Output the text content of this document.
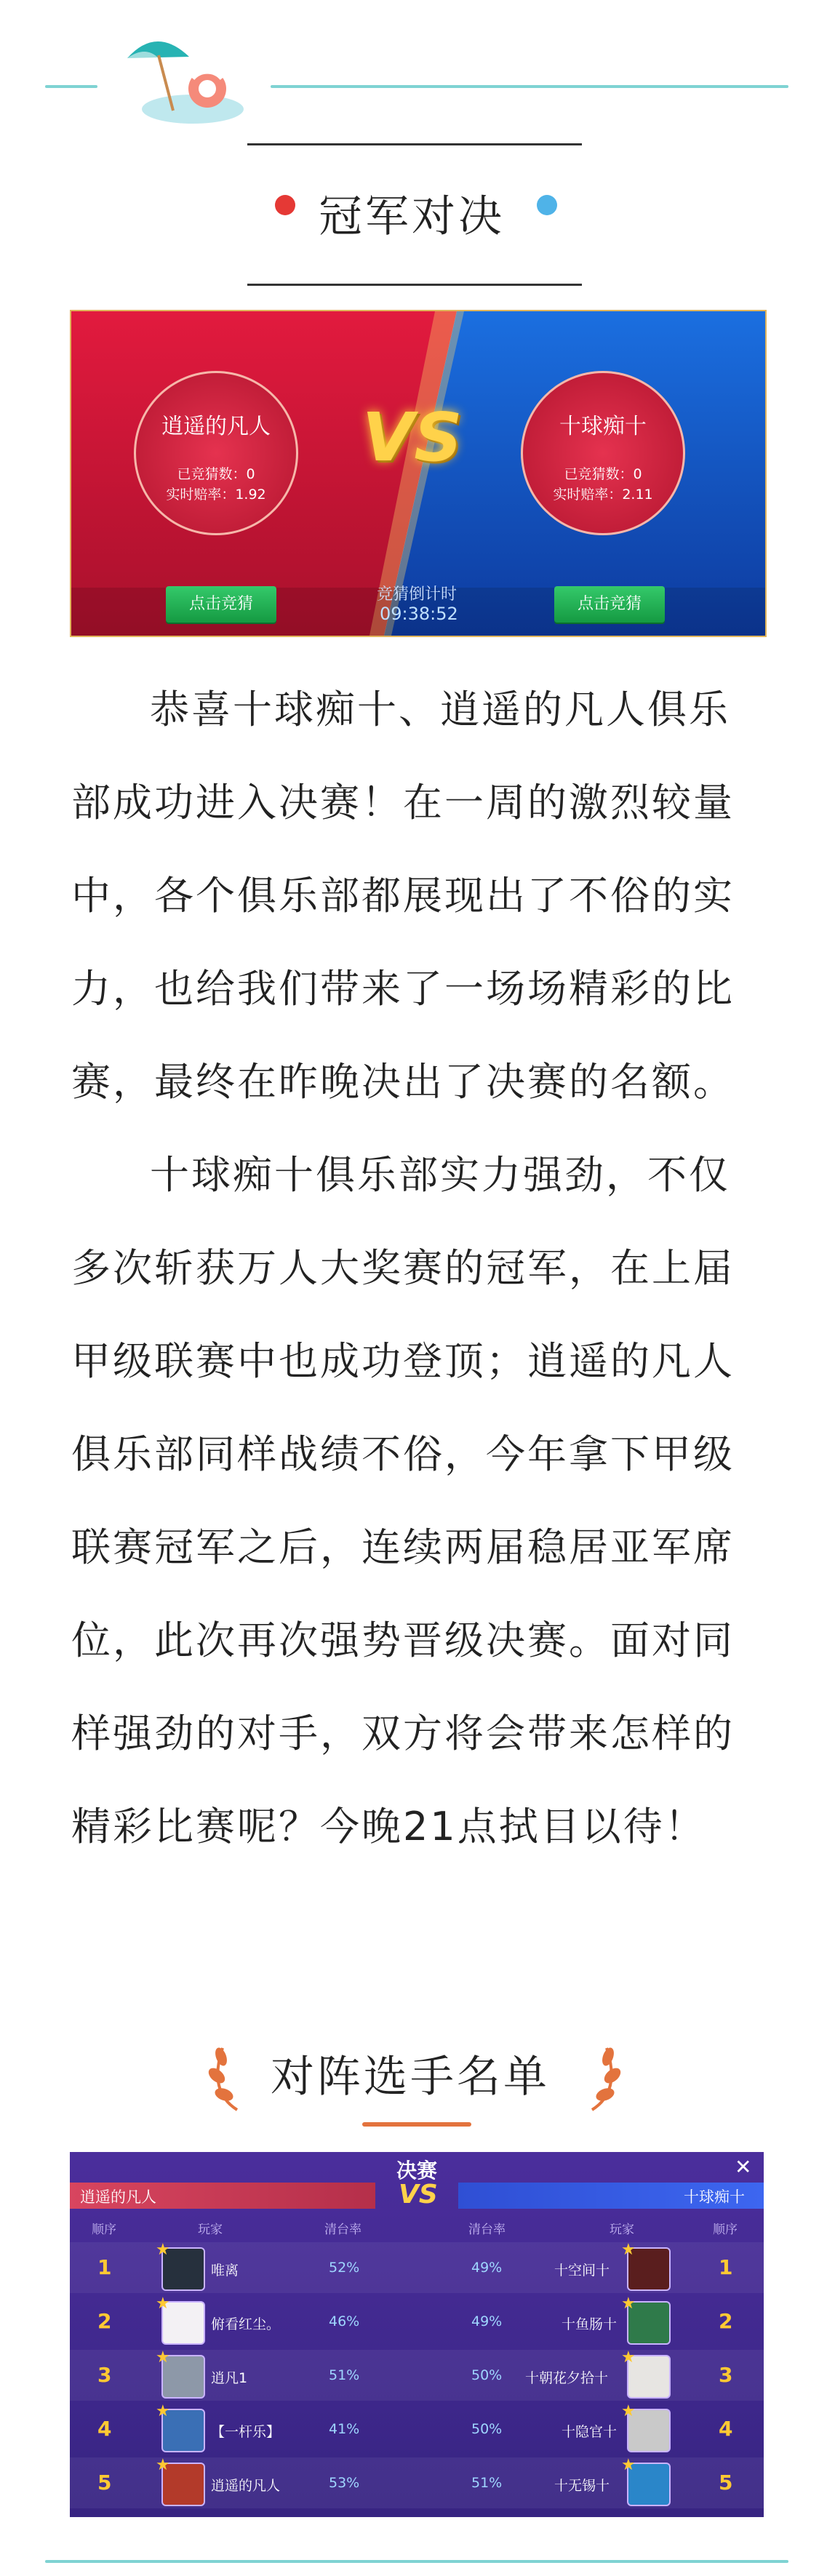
冠军对决
逍遥的凡人
已竞猜数：0
实时赔率：1.92
十球痴十
已竞猜数：0
实时赔率：2.11
VS
点击竞猜	点击竞猜
竞猜倒计时
09:38:52

恭喜十球痴十、逍遥的凡人俱乐部成功进入决赛！在一周的激烈较量中，各个俱乐部都展现出了不俗的实力，也给我们带来了一场场精彩的比赛，最终在昨晚决出了决赛的名额。

十球痴十俱乐部实力强劲，不仅多次斩获万人大奖赛的冠军，在上届甲级联赛中也成功登顶；逍遥的凡人俱乐部同样战绩不俗，今年拿下甲级联赛冠军之后，连续两届稳居亚军席位，此次再次强势晋级决赛。面对同样强劲的对手，双方将会带来怎样的精彩比赛呢？今晚21点拭目以待！

对阵选手名单
决赛	✕
逍遥的凡人	十球痴十
VS
顺序	玩家	清台率	清台率	玩家	顺序
1
★
唯离	52%	49%	十空间十
★
1
2
★
俯看红尘。	46%	49%	十鱼肠十
★
2
3
★
逍凡1	51%	50% 十朝花夕拾十
★
3
4
★
【一杆乐】	41%	50%	十隐官十
★
4
5
★
逍遥的凡人	53%	51%	十无锡十
★
5
